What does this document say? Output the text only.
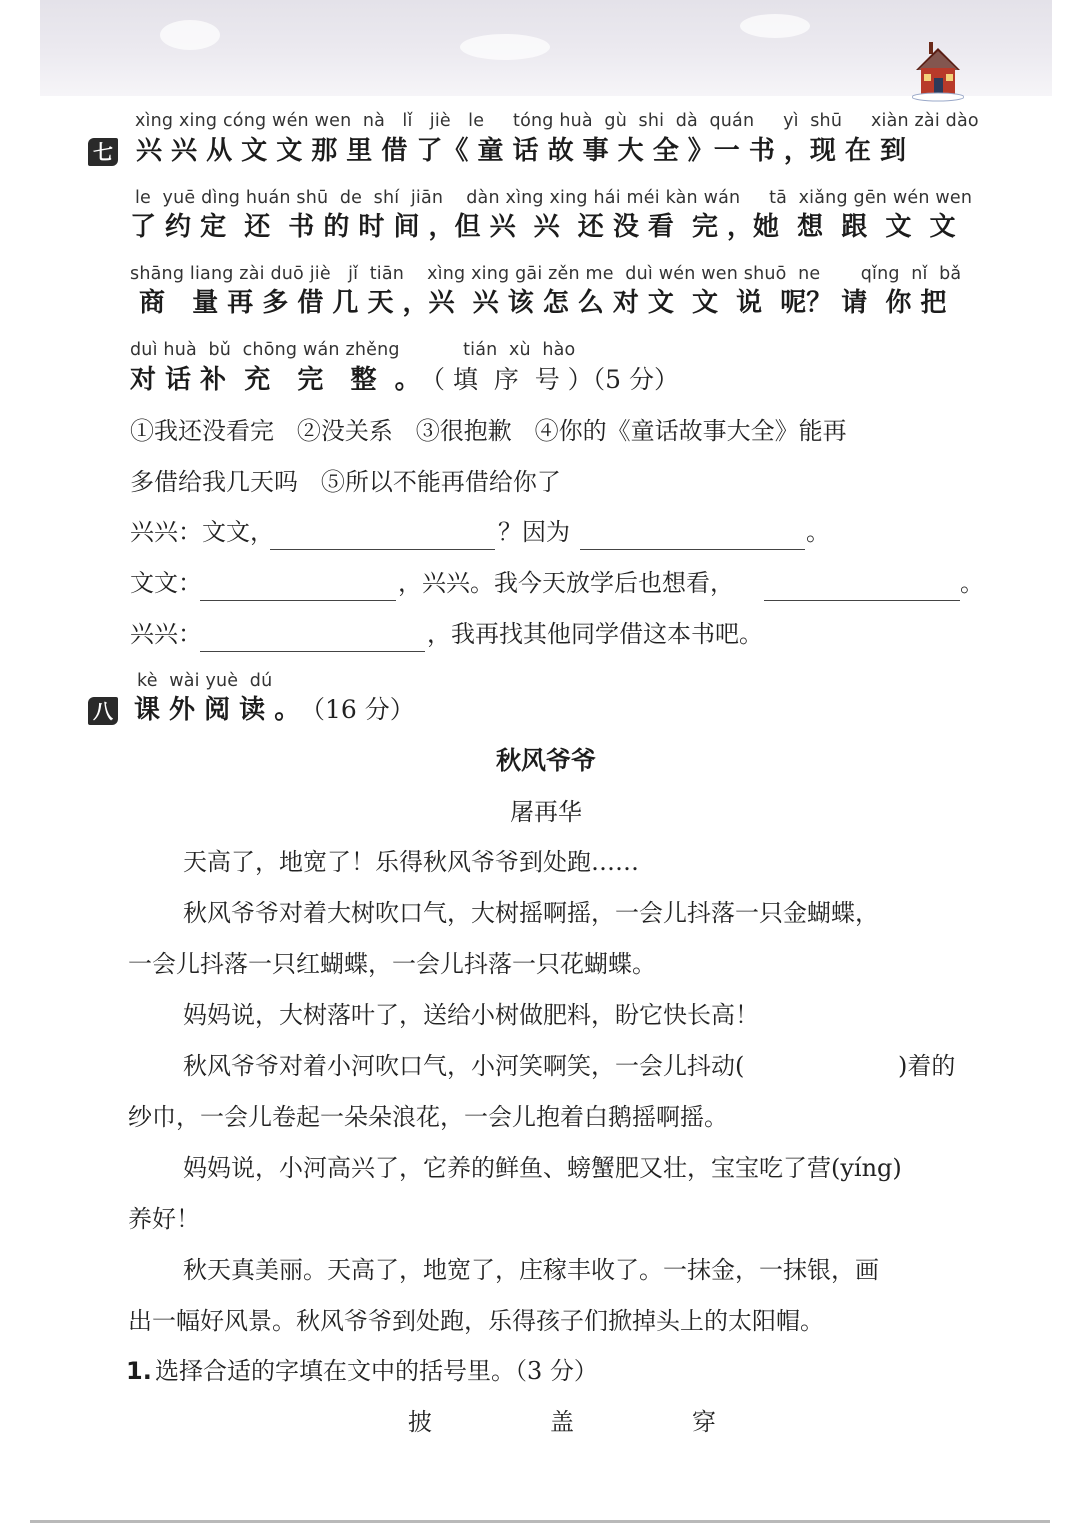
七
xìng xing cóng wén wen  nà   lǐ   jiè   le     tóng huà  gù  shi  dà  quán     yì  shū     xiàn zài dào
兴 兴 从 文 文 那 里 借 了《 童 话 故 事 大 全 》一 书 ，现 在 到
le  yuē dìng huán shū  de  shí  jiān    dàn xìng xing hái méi kàn wán     tā  xiǎng gēn wén wen
了 约 定  还  书 的 时 间 ，但 兴  兴  还 没 看  完 ，她  想  跟  文  文
shāng liang zài duō jiè   jǐ  tiān    xìng xing gāi zěn me  duì wén wen shuō  ne       qǐng  nǐ  bǎ
商   量 再 多 借 几 天 ，兴  兴 该 怎 么 对 文  文  说  呢？ 请  你 把
duì huà  bǔ  chōng wán zhěng           tián  xù  hào
对 话 补  充   完   整  。 （ 填  序  号 ）（5 分）
①我还没看完   ②没关系   ③很抱歉   ④你的《童话故事大全》能再
多借给我几天吗   ⑤所以不能再借给你了
兴兴：文文，	？因为	。
文文：	，兴兴。我今天放学后也想看，	。
兴兴：	，我再找其他同学借这本书吧。
kè  wài yuè  dú
八 课 外 阅 读 。 （16 分）
秋风爷爷
屠再华
天高了，地宽了！乐得秋风爷爷到处跑……
秋风爷爷对着大树吹口气，大树摇啊摇，一会儿抖落一只金蝴蝶，
一会儿抖落一只红蝴蝶，一会儿抖落一只花蝴蝶。
妈妈说，大树落叶了，送给小树做肥料，盼它快长高！
秋风爷爷对着小河吹口气，小河笑啊笑，一会儿抖动(	)着的
纱巾，一会儿卷起一朵朵浪花，一会儿抱着白鹅摇啊摇。
妈妈说，小河高兴了，它养的鲜鱼、螃蟹肥又壮，宝宝吃了营(yíng)
养好！
秋天真美丽。天高了，地宽了，庄稼丰收了。一抹金，一抹银，画
出一幅好风景。秋风爷爷到处跑，乐得孩子们掀掉头上的太阳帽。
1. 选择合适的字填在文中的括号里。（3 分）
披	盖	穿
